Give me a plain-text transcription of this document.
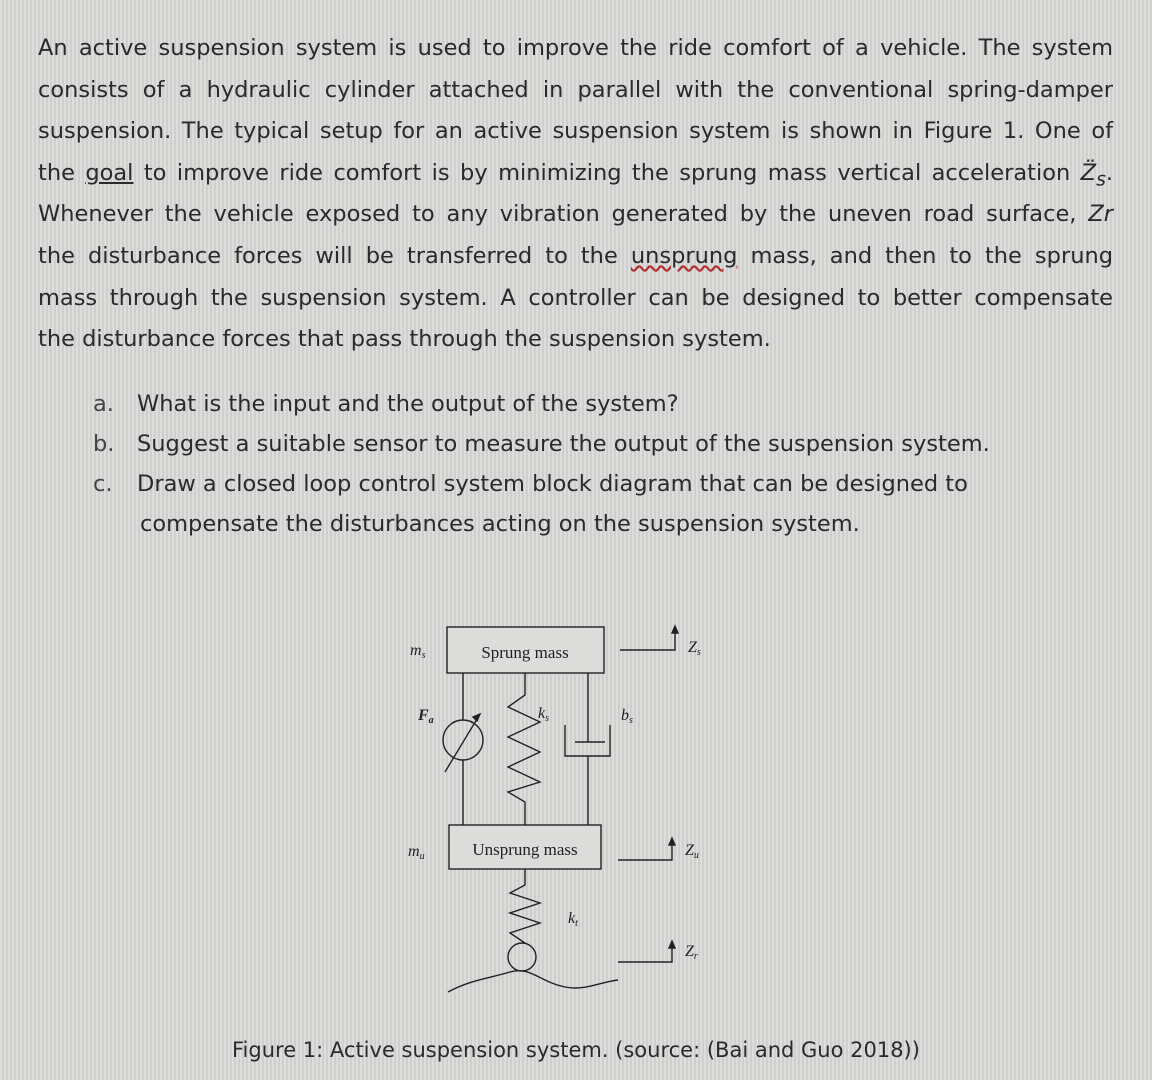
An active suspension system is used to improve the ride comfort of a vehicle. The system
consists of a hydraulic cylinder attached in parallel with the conventional spring-damper
suspension. The typical setup for an active suspension system is shown in Figure 1. One of
the goal to improve ride comfort is by minimizing the sprung mass vertical acceleration $Z̈_s$.
Whenever the vehicle exposed to any vibration generated by the uneven road surface, Zr
the disturbance forces will be transferred to the unsprung mass, and then to the sprung
mass through the suspension system. A controller can be designed to better compensate
the disturbance forces that pass through the suspension system.
a.	What is the input and the output of the system?
b.	Suggest a suitable sensor to measure the output of the suspension system.
c.	Draw a closed loop control system block diagram that can be designed to
compensate the disturbances acting on the suspension system.
Sprung mass
Unsprung mass
ms
Fa	ks	bs
mu
kt
Zs
Zu
Zr
Figure 1: Active suspension system. (source: (Bai and Guo 2018))
